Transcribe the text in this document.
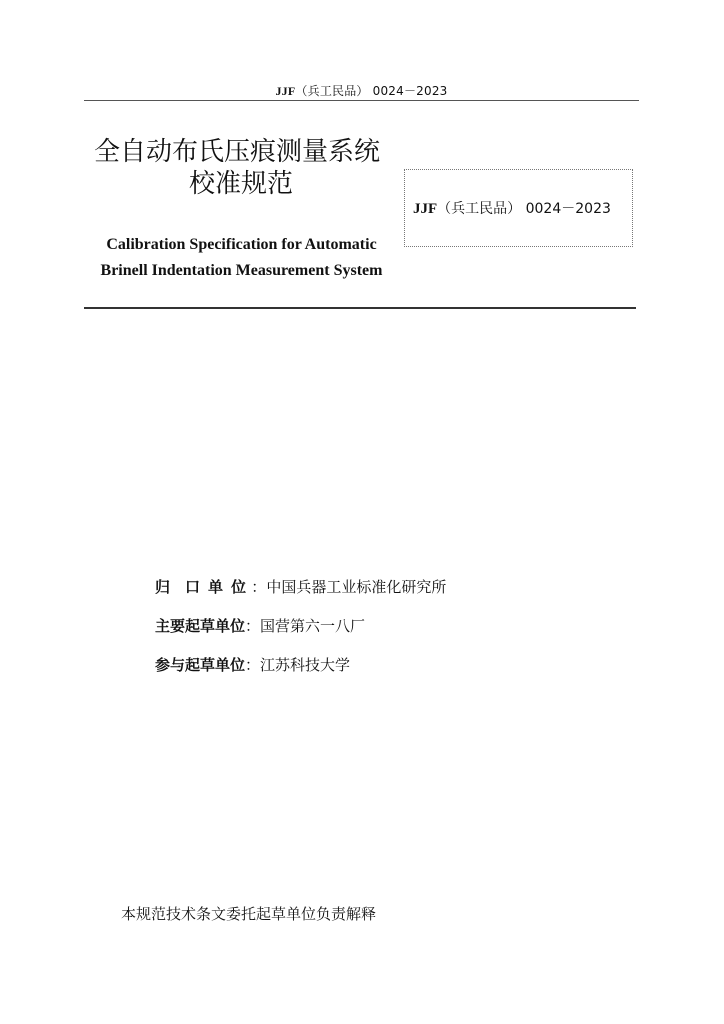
JJF（兵工民品） 0024－2023
全自动布氏压痕测量系统
校准规范
JJF（兵工民品） 0024－2023
Calibration Specification for Automatic
Brinell Indentation Measurement System
归 口 单 位 ：中国兵器工业标准化研究所
主要起草单位：国营第六一八厂
参与起草单位：江苏科技大学
本规范技术条文委托起草单位负责解释
